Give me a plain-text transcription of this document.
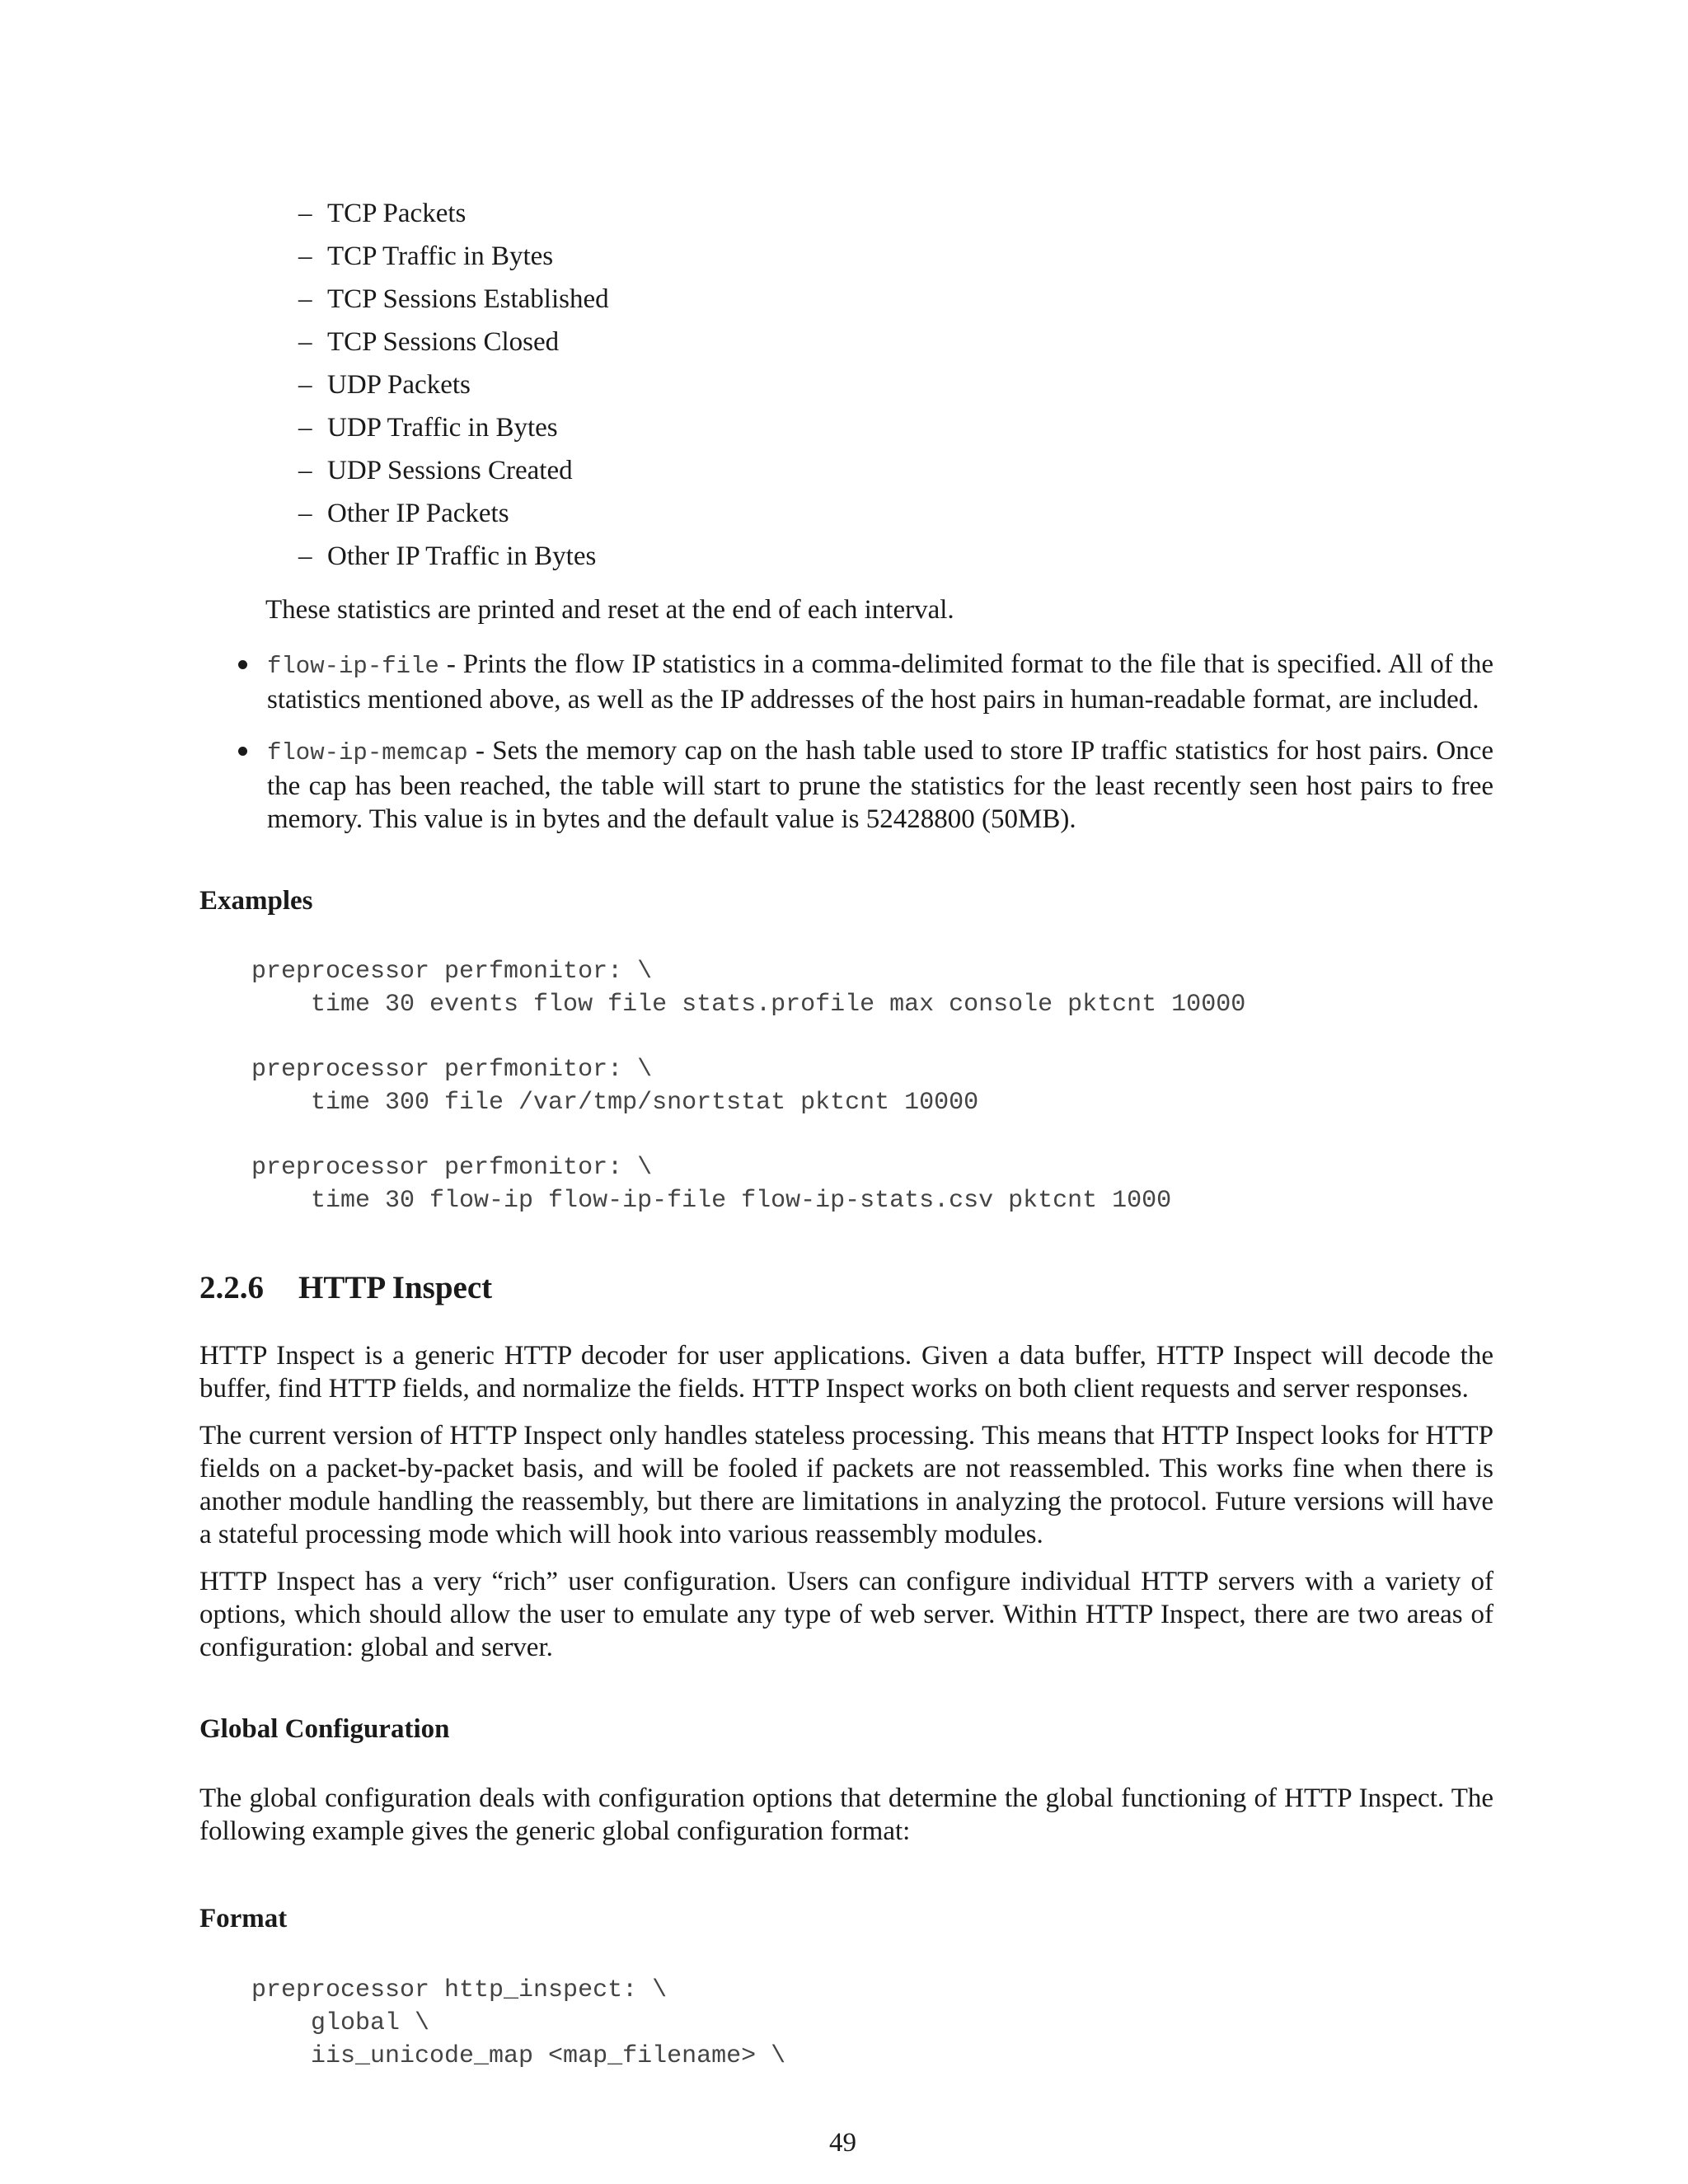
– TCP Packets
– TCP Traffic in Bytes
– TCP Sessions Established
– TCP Sessions Closed
– UDP Packets
– UDP Traffic in Bytes
– UDP Sessions Created
– Other IP Packets
– Other IP Traffic in Bytes
These statistics are printed and reset at the end of each interval.
flow-ip-file - Prints the flow IP statistics in a comma-delimited format to the file that is specified. All of the statistics mentioned above, as well as the IP addresses of the host pairs in human-readable format, are included.
flow-ip-memcap - Sets the memory cap on the hash table used to store IP traffic statistics for host pairs. Once the cap has been reached, the table will start to prune the statistics for the least recently seen host pairs to free memory. This value is in bytes and the default value is 52428800 (50MB).
Examples
preprocessor perfmonitor: \
time 30 events flow file stats.profile max console pktcnt 10000
preprocessor perfmonitor: \
time 300 file /var/tmp/snortstat pktcnt 10000
preprocessor perfmonitor: \
time 30 flow-ip flow-ip-file flow-ip-stats.csv pktcnt 1000
2.2.6 HTTP Inspect
HTTP Inspect is a generic HTTP decoder for user applications. Given a data buffer, HTTP Inspect will decode the buffer, find HTTP fields, and normalize the fields. HTTP Inspect works on both client requests and server responses.
The current version of HTTP Inspect only handles stateless processing. This means that HTTP Inspect looks for HTTP fields on a packet-by-packet basis, and will be fooled if packets are not reassembled. This works fine when there is another module handling the reassembly, but there are limitations in analyzing the protocol. Future versions will have a stateful processing mode which will hook into various reassembly modules.
HTTP Inspect has a very “rich” user configuration. Users can configure individual HTTP servers with a variety of options, which should allow the user to emulate any type of web server. Within HTTP Inspect, there are two areas of configuration: global and server.
Global Configuration
The global configuration deals with configuration options that determine the global functioning of HTTP Inspect. The following example gives the generic global configuration format:
Format
preprocessor http_inspect: \
global \
iis_unicode_map <map_filename> \
49
